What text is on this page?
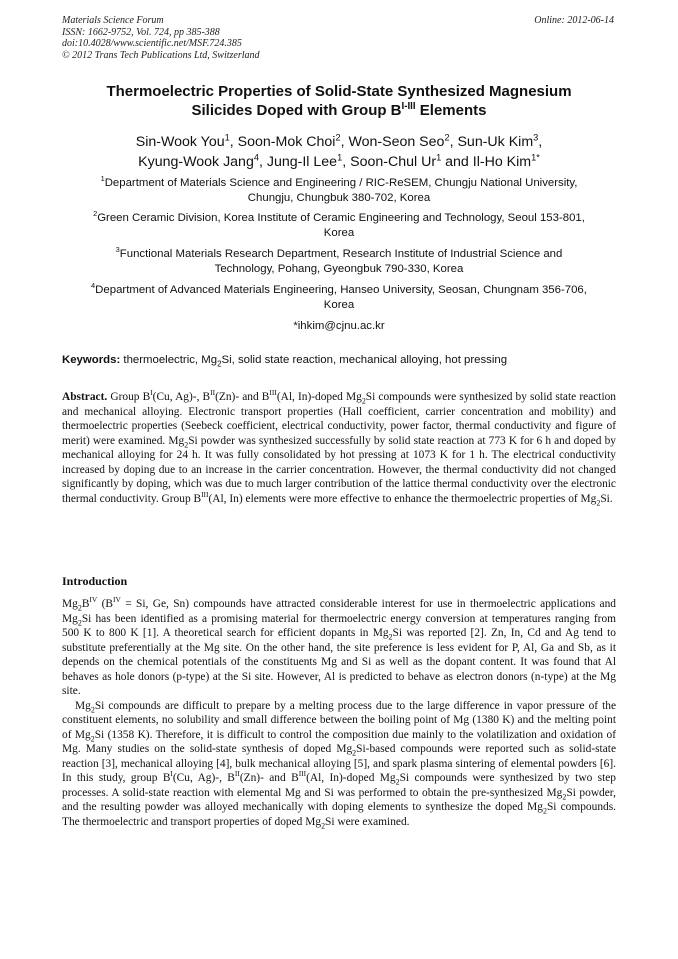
Materials Science Forum
ISSN: 1662-9752, Vol. 724, pp 385-388
doi:10.4028/www.scientific.net/MSF.724.385
© 2012 Trans Tech Publications Ltd, Switzerland
Online: 2012-06-14
Thermoelectric Properties of Solid-State Synthesized Magnesium
Silicides Doped with Group $B^{I-III}$ Elements
Sin-Wook You$^1$, Soon-Mok Choi$^2$, Won-Seon Seo$^2$, Sun-Uk Kim$^3$,
Kyung-Wook Jang$^4$, Jung-Il Lee$^1$, Soon-Chul Ur$^1$ and Il-Ho Kim$^{1*}$
$^1$Department of Materials Science and Engineering / RIC-ReSEM, Chungju National University,
Chungju, Chungbuk 380-702, Korea
$^2$Green Ceramic Division, Korea Institute of Ceramic Engineering and Technology, Seoul 153-801,
Korea
$^3$Functional Materials Research Department, Research Institute of Industrial Science and
Technology, Pohang, Gyeongbuk 790-330, Korea
$^4$Department of Advanced Materials Engineering, Hanseo University, Seosan, Chungnam 356-706,
Korea
*ihkim@cjnu.ac.kr
Keywords: thermoelectric, $Mg_2Si$, solid state reaction, mechanical alloying, hot pressing

Abstract. Group $B^I(Cu$, Ag)-, $B^{II}(Zn)-$ and $B^{III}(Al$, In)-doped $Mg_2Si$ compounds were synthesized by solid state reaction and mechanical alloying. Electronic transport properties (Hall coefficient, carrier concentration and mobility) and thermoelectric properties (Seebeck coefficient, electrical conductivity, power factor, thermal conductivity and figure of merit) were examined. $Mg_2Si$ powder was synthesized successfully by solid state reaction at 773 K for 6 h and doped by mechanical alloying for 24 h. It was fully consolidated by hot pressing at 1073 K for 1 h. The electrical conductivity increased by doping due to an increase in the carrier concentration. However, the thermal conductivity did not changed significantly by doping, which was due to much larger contribution of the lattice thermal conductivity over the electronic thermal conductivity. Group $B^{III}(Al$, In) elements were more effective to enhance the thermoelectric properties of $Mg_2Si$.

Introduction

$Mg_2B^{IV}$ ($B^{IV} = Si$, Ge, Sn) compounds have attracted considerable interest for use in thermoelectric applications and $Mg_2Si$ has been identified as a promising material for thermoelectric energy conversion at temperatures ranging from 500 K to 800 K [1]. A theoretical search for efficient dopants in $Mg_2Si$ was reported [2]. Zn, In, Cd and Ag tend to substitute preferentially at the Mg site. On the other hand, the site preference is less evident for P, Al, Ga and Sb, as it depends on the chemical potentials of the constituents Mg and Si as well as the dopant content. It was found that Al behaves as hole donors (p-type) at the Si site. However, Al is predicted to behave as electron donors (n-type) at the Mg site.

$Mg_2Si$ compounds are difficult to prepare by a melting process due to the large difference in vapor pressure of the constituent elements, no solubility and small difference between the boiling point of Mg (1380 K) and the melting point of $Mg_2Si$ (1358 K). Therefore, it is difficult to control the composition due mainly to the volatilization and oxidation of Mg. Many studies on the solid-state synthesis of doped $Mg_2Si$-based compounds were reported such as solid-state reaction [3], mechanical alloying [4], bulk mechanical alloying [5], and spark plasma sintering of elemental powders [6]. In this study, group $B^I(Cu$, Ag)-, $B^{II}(Zn)-$ and $B^{III}(Al$, In)-doped $Mg_2Si$ compounds were synthesized by two step processes. A solid-state reaction with elemental Mg and Si was performed to obtain the pre-synthesized $Mg_2Si$ powder, and the resulting powder was alloyed mechanically with doping elements to synthesize the doped $Mg_2Si$ compounds. The thermoelectric and transport properties of doped $Mg_2Si$ were examined.
